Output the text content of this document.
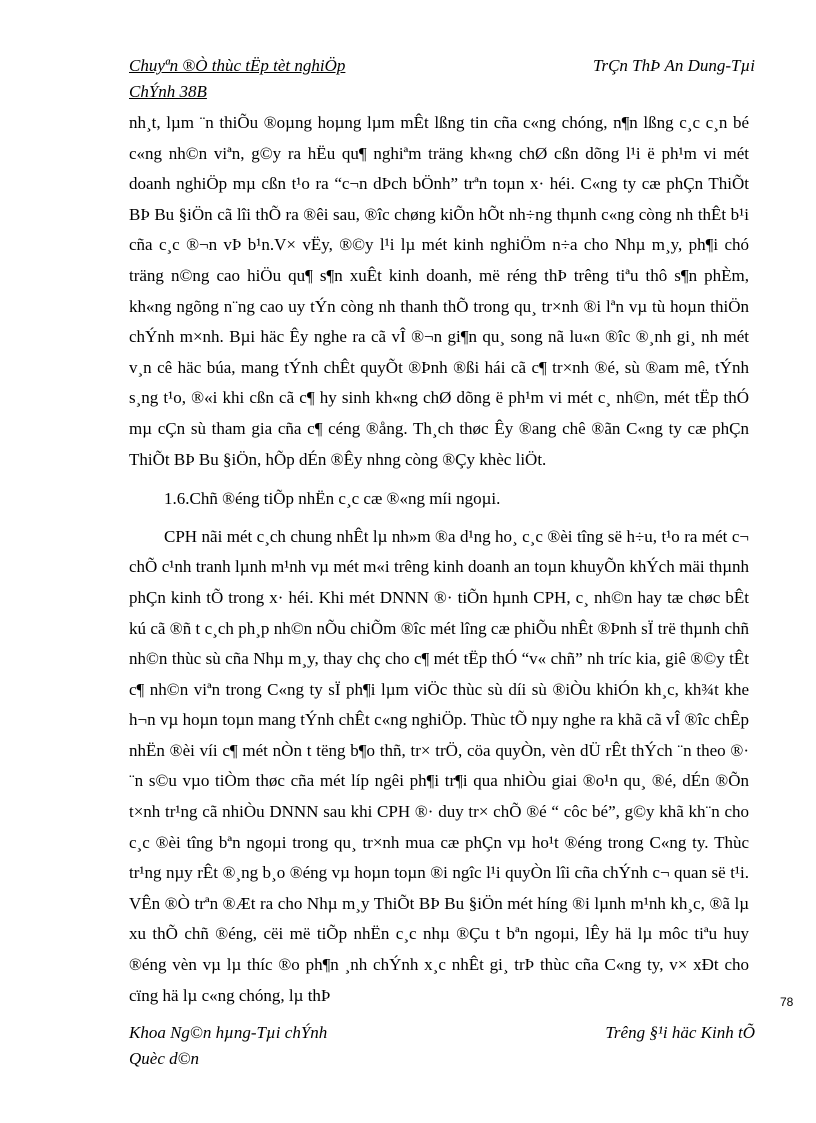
Chuyªn ®Ò thùc tËp tèt nghiÖp	TrÇn ThÞ An Dung-Tµi
ChÝnh 38B

nh¸t, lµm ¨n thiÕu ®oµng hoµng lµm mÊt lßng tin cña c«ng chóng, n¶n lßng c¸c c¸n bé c«ng nh©n viªn, g©y ra hËu qu¶ nghiªm träng kh«ng chØ cßn dõng l¹i ë ph¹m vi mét doanh nghiÖp mµ cßn t¹o ra “c¬n dÞch bÖnh” trªn toµn x· héi. C«ng ty cæ phÇn ThiÕt BÞ Bu §iÖn cã lîi thÕ ra ®êi sau, ®îc chøng kiÕn hÕt nh÷ng thµnh c«ng còng nh thÊt b¹i cña c¸c ®¬n vÞ b¹n.V× vËy, ®©y l¹i lµ mét kinh nghiÖm n÷a cho Nhµ m¸y, ph¶i chó träng n©ng cao hiÖu qu¶ s¶n xuÊt kinh doanh, më réng thÞ trêng tiªu thô s¶n phÈm, kh«ng ngõng n¨ng cao uy tÝn còng nh thanh thÕ trong qu¸ tr×nh ®i lªn vµ tù hoµn thiÖn chÝnh m×nh. Bµi häc Êy nghe ra cã vÎ ®¬n gi¶n qu¸ song nã lu«n ®îc ®¸nh gi¸ nh mét v¸n cê häc búa, mang tÝnh chÊt quyÕt ®Þnh ®ßi hái cã c¶ tr×nh ®é, sù ®am mê, tÝnh s¸ng t¹o, ®«i khi cßn cã c¶ hy sinh kh«ng chØ dõng ë ph¹m vi mét c¸ nh©n, mét tËp thÓ mµ cÇn sù tham gia cña c¶ céng ®ång. Th¸ch thøc Êy ®ang chê ®ãn C«ng ty cæ phÇn ThiÕt BÞ Bu §iÖn, hÕp dÉn ®Êy nhng còng ®Çy khèc liÖt.

1.6.Chñ ®éng tiÕp nhËn c¸c cæ ®«ng míi ngoµi.

CPH nãi mét c¸ch chung nhÊt lµ nh»m ®a d¹ng ho¸ c¸c ®èi tîng së h÷u, t¹o ra mét c¬ chÕ c¹nh tranh lµnh m¹nh vµ mét m«i trêng kinh doanh an toµn khuyÕn khÝch mäi thµnh phÇn kinh tÕ trong x· héi. Khi mét DNNN ®· tiÕn hµnh CPH, c¸ nh©n hay tæ chøc bÊt kú cã ®ñ t c¸ch ph¸p nh©n nÕu chiÕm ®îc mét lîng cæ phiÕu nhÊt ®Þnh sÏ trë thµnh chñ nh©n thùc sù cña Nhµ m¸y, thay chç cho c¶ mét tËp thÓ “v« chñ” nh tríc kia, giê ®©y tÊt c¶ nh©n viªn trong C«ng ty sÏ ph¶i lµm viÖc thùc sù díi sù ®iÒu khiÓn kh¸c, kh¾t khe h¬n vµ hoµn toµn mang tÝnh chÊt c«ng nghiÖp. Thùc tÕ nµy nghe ra khã cã vÎ ®îc chÊp nhËn ®èi víi c¶ mét nÒn t tëng b¶o thñ, tr× trÖ, cöa quyÒn, vèn dÜ rÊt thÝch ¨n theo ®· ¨n s©u vµo tiÒm thøc cña mét líp ngêi ph¶i tr¶i qua nhiÒu giai ®o¹n qu¸ ®é, dÉn ®Õn t×nh tr¹ng cã nhiÒu DNNN sau khi CPH ®· duy tr× chÕ ®é “ côc bé”, g©y khã kh¨n cho c¸c ®èi tîng bªn ngoµi trong qu¸ tr×nh mua cæ phÇn vµ ho¹t ®éng trong C«ng ty. Thùc tr¹ng nµy rÊt ®¸ng b¸o ®éng vµ hoµn toµn ®i ngîc l¹i quyÒn lîi cña chÝnh c¬ quan së t¹i. VÊn ®Ò trªn ®Æt ra cho Nhµ m¸y ThiÕt BÞ Bu §iÖn mét híng ®i lµnh m¹nh kh¸c, ®ã lµ xu thÕ chñ ®éng, cëi më tiÕp nhËn c¸c nhµ ®Çu t bªn ngoµi, lÊy hä lµ môc tiªu huy ®éng vèn vµ lµ thíc ®o ph¶n ¸nh chÝnh x¸c nhÊt gi¸ trÞ thùc cña C«ng ty, v× xÐt cho cïng hä lµ c«ng chóng, lµ thÞ	78
Khoa Ng©n hµng-Tµi chÝnh	Trêng §¹i häc Kinh tÕ
Quèc d©n
